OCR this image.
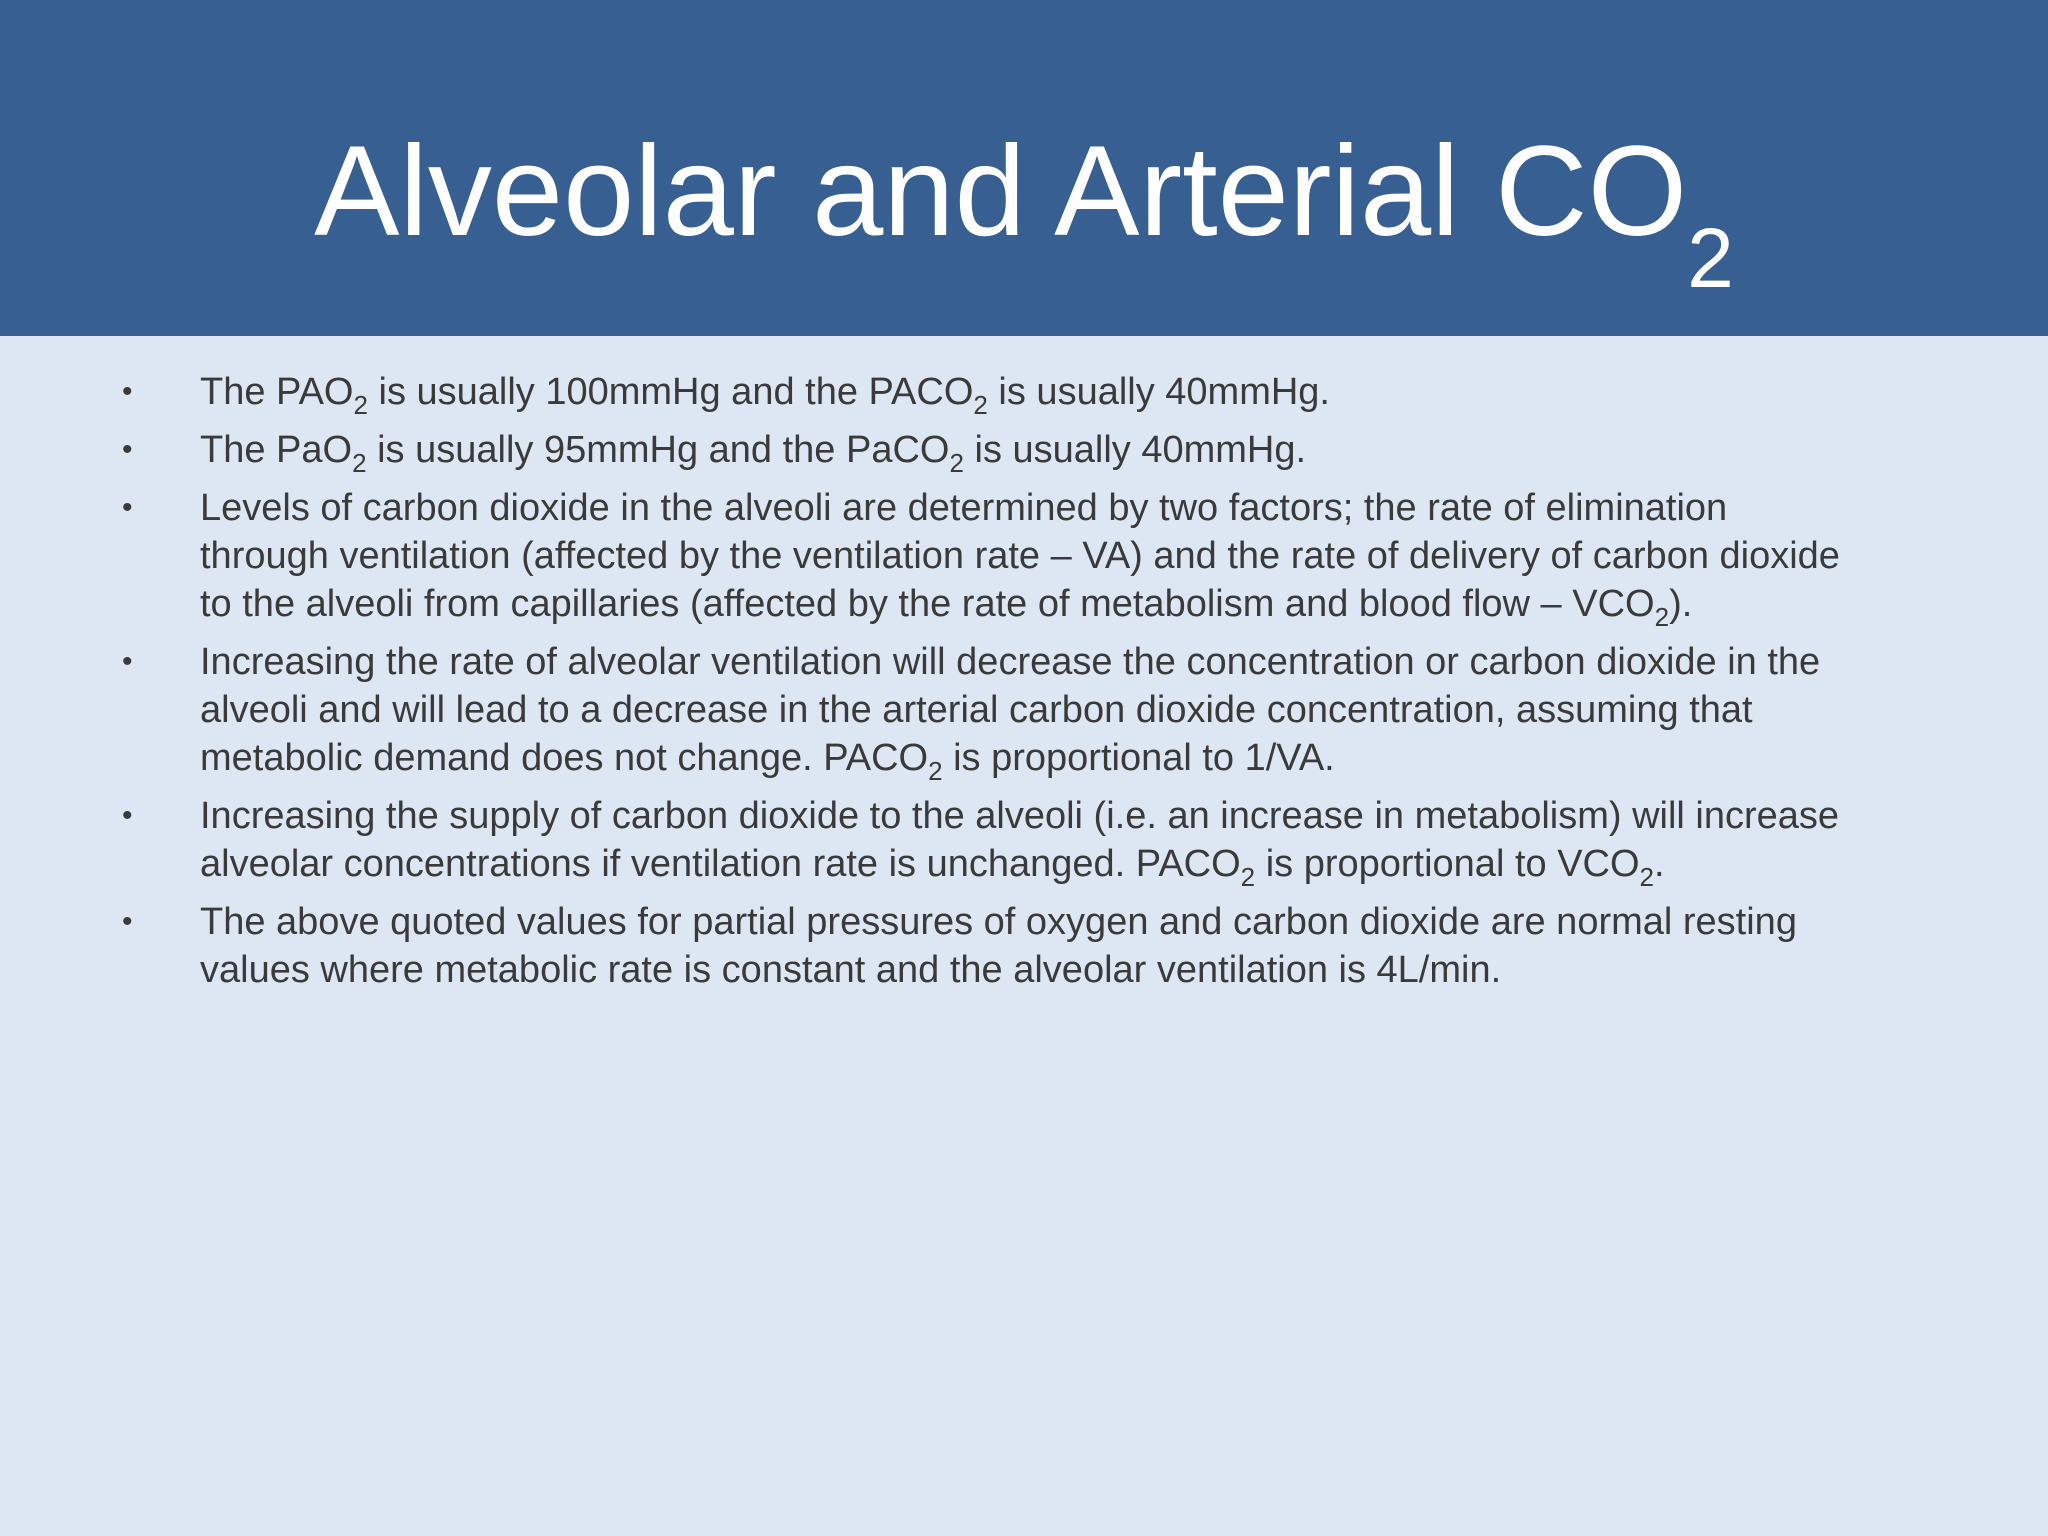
Alveolar and Arterial $CO_2$
• The $PAO_2$ is usually 100mmHg and the $PACO_2$ is usually 40mmHg.
• The PaO$_2$ is usually 95mmHg and the PaCO$_2$ is usually 40mmHg.
• Levels of carbon dioxide in the alveoli are determined by two factors; the rate of elimination
through ventilation (affected by the ventilation rate – VA) and the rate of delivery of carbon dioxide
to the alveoli from capillaries (affected by the rate of metabolism and blood flow – $VCO_2$).
• Increasing the rate of alveolar ventilation will decrease the concentration or carbon dioxide in the
alveoli and will lead to a decrease in the arterial carbon dioxide concentration, assuming that
metabolic demand does not change. $PACO_2$ is proportional to 1/VA.
• Increasing the supply of carbon dioxide to the alveoli (i.e. an increase in metabolism) will increase
alveolar concentrations if ventilation rate is unchanged. $PACO_2$ is proportional to $VCO_2$.
• The above quoted values for partial pressures of oxygen and carbon dioxide are normal resting
values where metabolic rate is constant and the alveolar ventilation is 4L/min.
